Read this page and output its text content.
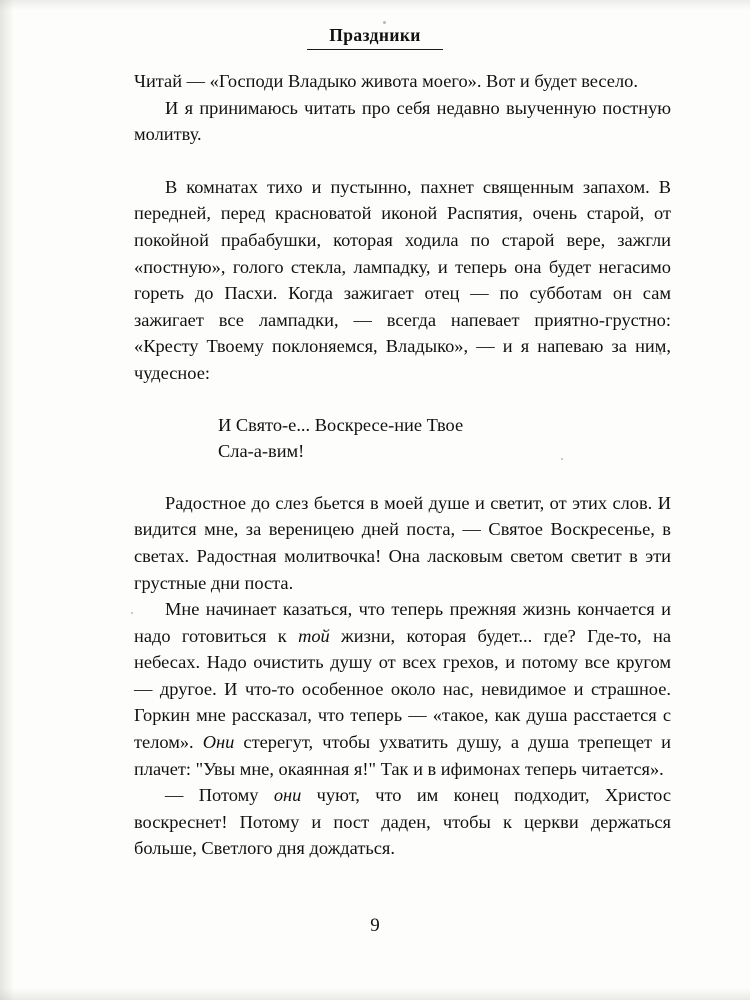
Праздники

Читай — «Господи Владыко живота моего». Вот и будет весело.

И я принимаюсь читать про себя недавно выученную постную молитву.

В комнатах тихо и пустынно, пахнет священным запахом. В передней, перед красноватой иконой Распятия, очень старой, от покойной прабабушки, которая ходила по старой вере, зажгли «постную», голого стекла, лампадку, и теперь она будет негасимо гореть до Пасхи. Когда зажигает отец — по субботам он сам зажигает все лампадки, — всегда напевает приятно-грустно: «Кресту Твоему поклоняемся, Владыко», — и я напеваю за ним, чудесное:

И Свято-е... Воскресе-ние Твое

Сла-а-вим!

Радостное до слез бьется в моей душе и светит, от этих слов. И видится мне, за вереницею дней поста, — Святое Воскресенье, в светах. Радостная молитвочка! Она ласковым светом светит в эти грустные дни поста.

Мне начинает казаться, что теперь прежняя жизнь кончается и надо готовиться к той жизни, которая будет... где? Где-то, на небесах. Надо очистить душу от всех грехов, и потому все кругом — другое. И что-то особенное около нас, невидимое и страшное. Горкин мне рассказал, что теперь — «такое, как душа расстается с телом». Они стерегут, чтобы ухватить душу, а душа трепещет и плачет: "Увы мне, окаянная я!" Так и в ифимонах теперь читается».

— Потому они чуют, что им конец подходит, Христос воскреснет! Потому и пост даден, чтобы к церкви держаться больше, Светлого дня дождаться.

9
